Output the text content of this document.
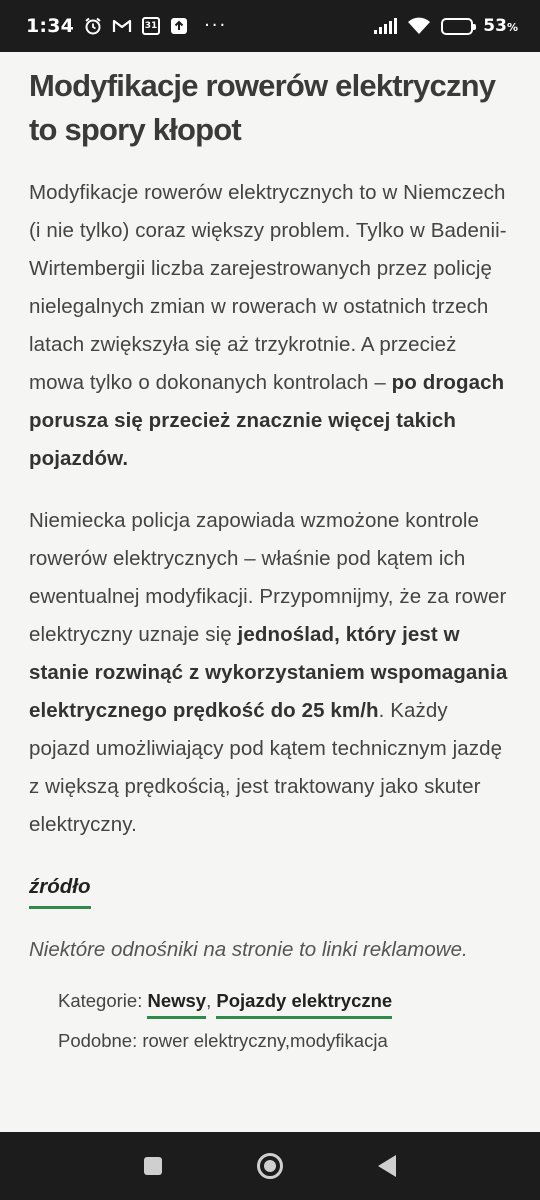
1:34	31	···	53%
Modyfikacje rowerów elektryczny to spory kłopot

Modyfikacje rowerów elektrycznych to w Niemczech (i nie tylko) coraz większy problem. Tylko w Badenii-Wirtembergii liczba zarejestrowanych przez policję nielegalnych zmian w rowerach w ostatnich trzech latach zwiększyła się aż trzykrotnie. A przecież mowa tylko o dokonanych kontrolach – po drogach porusza się przecież znacznie więcej takich pojazdów.

Niemiecka policja zapowiada wzmożone kontrole rowerów elektrycznych – właśnie pod kątem ich ewentualnej modyfikacji. Przypomnijmy, że za rower elektryczny uznaje się jednoślad, który jest w stanie rozwinąć z wykorzystaniem wspomagania elektrycznego prędkość do 25 km/h. Każdy pojazd umożliwiający pod kątem technicznym jazdę z większą prędkością, jest traktowany jako skuter elektryczny.

źródło

Niektóre odnośniki na stronie to linki reklamowe.

Kategorie: Newsy , Pojazdy elektryczne
Podobne: rower elektryczny,modyfikacja
